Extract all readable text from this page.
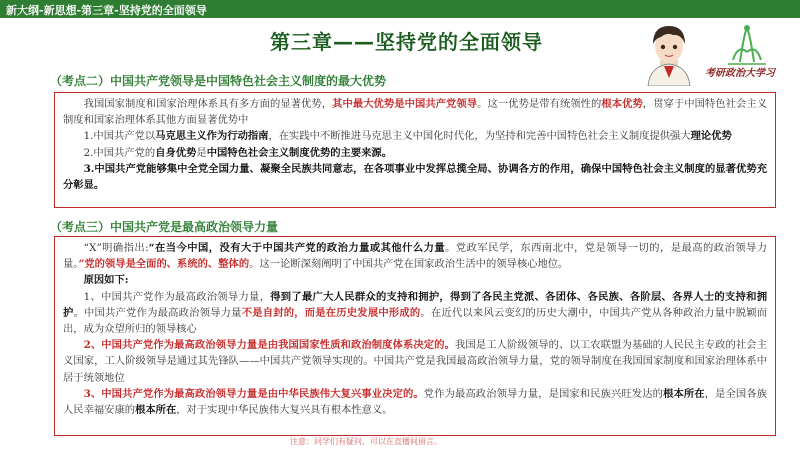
新大纲-新思想-第三章-坚持党的全面领导
第三章——坚持党的全面领导
考研政治大学习
（考点二）中国共产党领导是中国特色社会主义制度的最大优势

我国国家制度和国家治理体系具有多方面的显著优势，其中最大优势是中国共产党领导。这一优势是带有统领性的根本优势，贯穿于中国特色社会主义制度和国家治理体系其他方面显著优势中

1.中国共产党以马克思主义作为行动指南，在实践中不断推进马克思主义中国化时代化，为坚持和完善中国特色社会主义制度提供强大理论优势

2.中国共产党的自身优势是中国特色社会主义制度优势的主要来源。

3.中国共产党能够集中全党全国力量、凝聚全民族共同意志，在各项事业中发挥总揽全局、协调各方的作用，确保中国特色社会主义制度的显著优势充分彰显。

（考点三）中国共产党是最高政治领导力量

“X”明确指出:“在当今中国，没有大于中国共产党的政治力量或其他什么力量。党政军民学，东西南北中，党是领导一切的，是最高的政治领导力量。”党的领导是全面的、系统的、整体的。这一论断深刻阐明了中国共产党在国家政治生活中的领导核心地位。

原因如下:

1、中国共产党作为最高政治领导力量，得到了最广大人民群众的支持和拥护，得到了各民主党派、各团体、各民族、各阶层、各界人士的支持和拥护。中国共产党作为最高政治领导力量不是自封的，而是在历史发展中形成的。在近代以来风云变幻的历史大潮中，中国共产党从各种政治力量中脱颖而出，成为众望所归的领导核心

2、中国共产党作为最高政治领导力量是由我国国家性质和政治制度体系决定的。我国是工人阶级领导的、以工农联盟为基础的人民民主专政的社会主义国家，工人阶级领导是通过其先锋队——中国共产党领导实现的。中国共产党是我国最高政治领导力量，党的领导制度在我国国家制度和国家治理体系中居于统领地位

3、中国共产党作为最高政治领导力量是由中华民族伟大复兴事业决定的。党作为最高政治领导力量，是国家和民族兴旺发达的根本所在，是全国各族人民幸福安康的根本所在，对于实现中华民族伟大复兴具有根本性意义。

注意：同学们有疑问，可以在直播间留言。
